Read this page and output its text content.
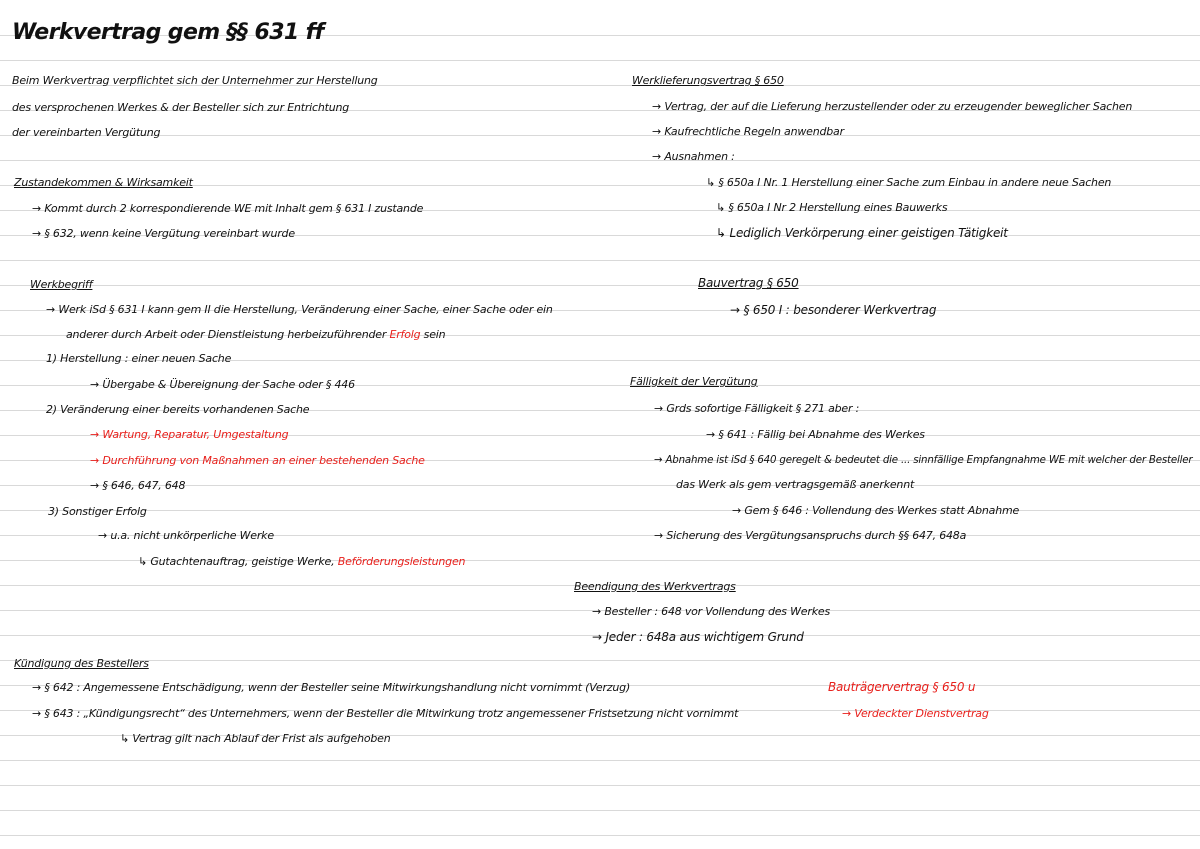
Werkvertrag gem §§ 631 ff
Beim Werkvertrag verpflichtet sich der Unternehmer zur Herstellung
des versprochenen Werkes & der Besteller sich zur Entrichtung
der vereinbarten Vergütung
Zustandekommen & Wirksamkeit
→ Kommt durch 2 korrespondierende WE mit Inhalt gem § 631 I zustande
→ § 632, wenn keine Vergütung vereinbart wurde
Werkbegriff
→ Werk iSd § 631 I kann gem II die Herstellung, Veränderung einer Sache, einer Sache oder ein
anderer durch Arbeit oder Dienstleistung herbeizuführender Erfolg sein
1) Herstellung : einer neuen Sache
→ Übergabe & Übereignung der Sache oder § 446
2) Veränderung einer bereits vorhandenen Sache
→ Wartung, Reparatur, Umgestaltung
→ Durchführung von Maßnahmen an einer bestehenden Sache
→ § 646, 647, 648
3) Sonstiger Erfolg
→ u.a. nicht unkörperliche Werke
↳ Gutachtenauftrag, geistige Werke, Beförderungsleistungen
Kündigung des Bestellers
→ § 642 : Angemessene Entschädigung, wenn der Besteller seine Mitwirkungshandlung nicht vornimmt (Verzug)
→ § 643 : „Kündigungsrecht“ des Unternehmers, wenn der Besteller die Mitwirkung trotz angemessener Fristsetzung nicht vornimmt
↳ Vertrag gilt nach Ablauf der Frist als aufgehoben
Werklieferungsvertrag § 650
→ Vertrag, der auf die Lieferung herzustellender oder zu erzeugender beweglicher Sachen
→ Kaufrechtliche Regeln anwendbar
→ Ausnahmen :
↳ § 650a I Nr. 1 Herstellung einer Sache zum Einbau in andere neue Sachen
↳ § 650a I Nr 2 Herstellung eines Bauwerks
↳ Lediglich Verkörperung einer geistigen Tätigkeit
Bauvertrag § 650
→ § 650 I : besonderer Werkvertrag
Fälligkeit der Vergütung
→ Grds sofortige Fälligkeit § 271 aber :
→ § 641 : Fällig bei Abnahme des Werkes
→ Abnahme ist iSd § 640 geregelt & bedeutet die ... sinnfällige Empfangnahme WE mit welcher der Besteller
das Werk als gem vertragsgemäß anerkennt
→ Gem § 646 : Vollendung des Werkes statt Abnahme
→ Sicherung des Vergütungsanspruchs durch §§ 647, 648a
Beendigung des Werkvertrags
→ Besteller : 648 vor Vollendung des Werkes
→ Jeder : 648a aus wichtigem Grund
Bauträgervertrag § 650 u
→ Verdeckter Dienstvertrag
